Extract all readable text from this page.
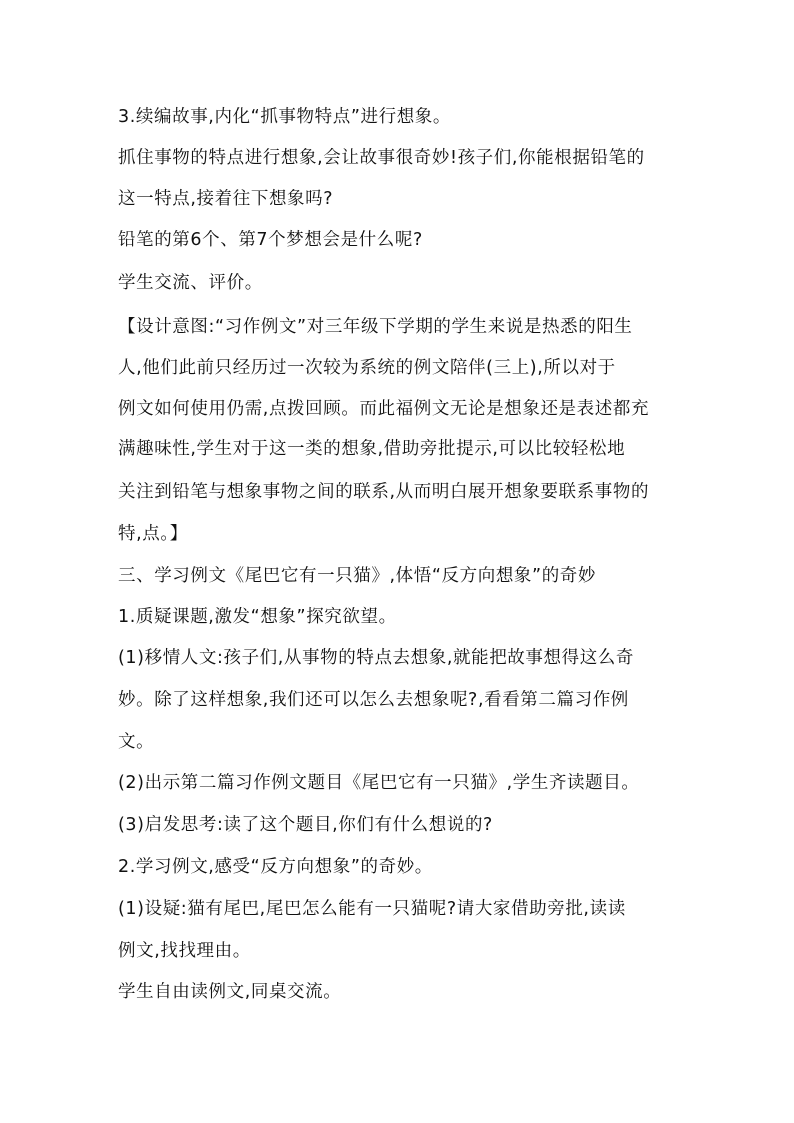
3.续编故事,内化“抓事物特点”进行想象。
抓住事物的特点进行想象,会让故事很奇妙!孩子们,你能根据铅笔的
这一特点,接着往下想象吗?
铅笔的第6个、第7个梦想会是什么呢?
学生交流、评价。
【设计意图:“习作例文”对三年级下学期的学生来说是热悉的阳生
人,他们此前只经历过一次较为系统的例文陪伴(三上),所以对于
例文如何使用仍需,点拨回顾。而此福例文无论是想象还是表述都充
满趣味性,学生对于这一类的想象,借助旁批提示,可以比较轻松地
关注到铅笔与想象事物之间的联系,从而明白展开想象要联系事物的
特,点。】
三、学习例文《尾巴它有一只猫》,体悟“反方向想象”的奇妙
1.质疑课题,激发“想象”探究欲望。
(1)移情人文:孩子们,从事物的特点去想象,就能把故事想得这么奇
妙。除了这样想象,我们还可以怎么去想象呢?,看看第二篇习作例
文。
(2)出示第二篇习作例文题目《尾巴它有一只猫》,学生齐读题目。
(3)启发思考:读了这个题目,你们有什么想说的?
2.学习例文,感受“反方向想象”的奇妙。
(1)设疑:猫有尾巴,尾巴怎么能有一只猫呢?请大家借助旁批,读读
例文,找找理由。
学生自由读例文,同桌交流。
